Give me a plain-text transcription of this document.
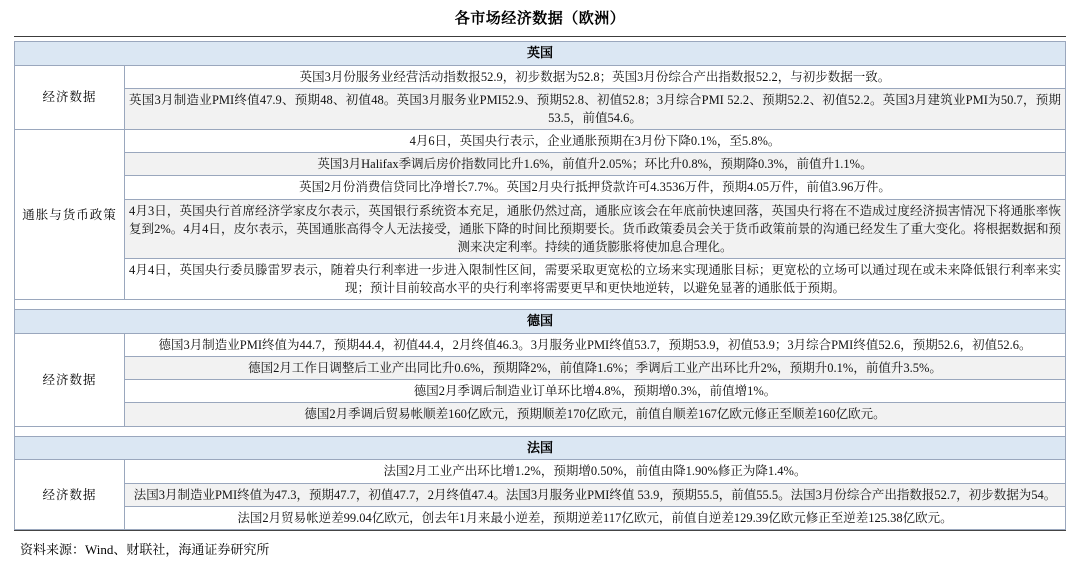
各市场经济数据（欧洲）
英国	
经济数据	英国3月份服务业经营活动指数报52.9，初步数据为52.8；英国3月份综合产出指数报52.2，与初步数据一致。
	英国3月制造业PMI终值47.9、预期48、初值48。英国3月服务业PMI52.9、预期52.8、初值52.8；3月综合PMI 52.2、预期52.2、初值52.2。英国3月建筑业PMI为50.7，预期53.5，前值54.6。
通胀与货币政策	4月6日，英国央行表示，企业通胀预期在3月份下降0.1%，至5.8%。
	英国3月Halifax季调后房价指数同比升1.6%，前值升2.05%；环比升0.8%，预期降0.3%，前值升1.1%。
	英国2月份消费信贷同比净增长7.7%。英国2月央行抵押贷款许可4.3536万件，预期4.05万件，前值3.96万件。
	4月3日，英国央行首席经济学家皮尔表示，英国银行系统资本充足，通胀仍然过高，通胀应该会在年底前快速回落，英国央行将在不造成过度经济损害情况下将通胀率恢复到2%。4月4日，皮尔表示，英国通胀高得令人无法接受，通胀下降的时间比预期要长。货币政策委员会关于货币政策前景的沟通已经发生了重大变化。将根据数据和预测来决定利率。持续的通货膨胀将使加息合理化。
	4月4日，英国央行委员滕雷罗表示，随着央行利率进一步进入限制性区间，需要采取更宽松的立场来实现通胀目标；更宽松的立场可以通过现在或未来降低银行利率来实现；预计目前较高水平的央行利率将需要更早和更快地逆转，以避免显著的通胀低于预期。

德国	
经济数据	德国3月制造业PMI终值为44.7，预期44.4，初值44.4，2月终值46.3。3月服务业PMI终值53.7，预期53.9，初值53.9；3月综合PMI终值52.6，预期52.6，初值52.6。
	德国2月工作日调整后工业产出同比升0.6%，预期降2%，前值降1.6%；季调后工业产出环比升2%，预期升0.1%，前值升3.5%。
	德国2月季调后制造业订单环比增4.8%，预期增0.3%，前值增1%。
	德国2月季调后贸易帐顺差160亿欧元，预期顺差170亿欧元，前值自顺差167亿欧元修正至顺差160亿欧元。

法国	
经济数据	法国2月工业产出环比增1.2%，预期增0.50%，前值由降1.90%修正为降1.4%。
	法国3月制造业PMI终值为47.3，预期47.7，初值47.7，2月终值47.4。法国3月服务业PMI终值 53.9，预期55.5，前值55.5。法国3月份综合产出指数报52.7，初步数据为54。
	法国2月贸易帐逆差99.04亿欧元，创去年1月来最小逆差，预期逆差117亿欧元，前值自逆差129.39亿欧元修正至逆差125.38亿欧元。
资料来源：Wind、财联社，海通证券研究所
